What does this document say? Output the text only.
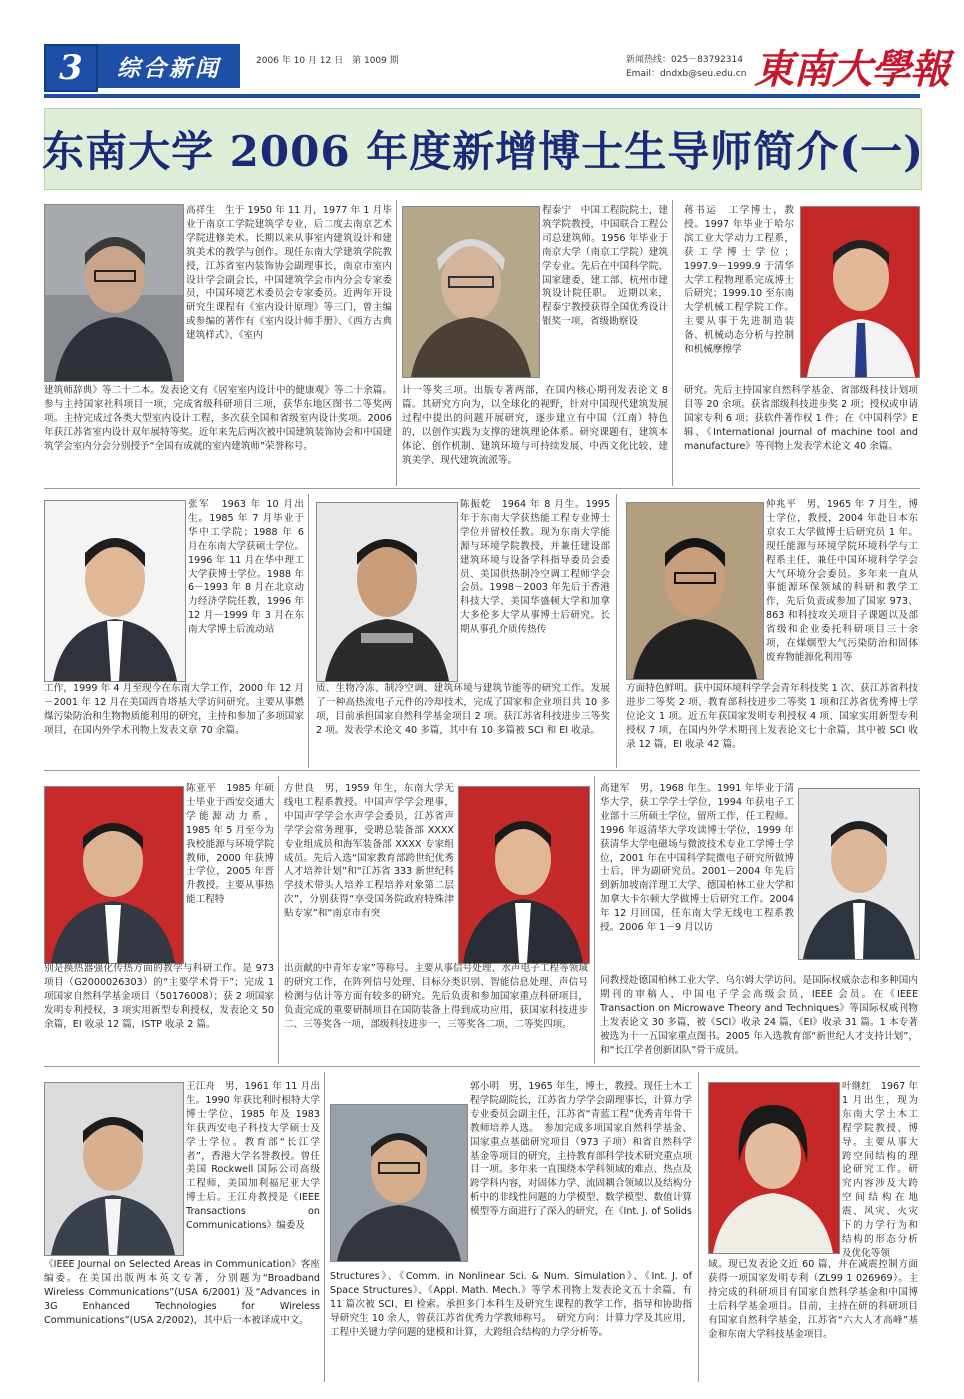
3	综合新闻	2006 年 10 月 12 日　第 1009 期	新闻热线：025－83792314
Email：dndxb@seu.edu.cn 東南大學報
东南大学 2006 年度新增博士生导师简介(一)
高祥生　生于 1950 年 11 月，1977 年 1 月毕业于南京工学院建筑学专业，后二度去南京艺术学院进修美术。长期以来从事室内建筑设计和建筑美术的教学与创作。现任东南大学建筑学院教授，江苏省室内装饰协会副理事长，南京市室内设计学会副会长，中国建筑学会市内分会专家委员，中国环境艺术委员会专家委员。近两年开设研究生课程有《室内设计原理》等三门，曾主编或参编的著作有《室内设计师手册》、《西方古典建筑样式》、《室内
建筑师辞典》等二十二本。发表论文有《居室室内设计中的健康观》等二十余篇。参与主持国家社科项目一项，完成省级科研项目三项，获华东地区图书二等奖两项。主持完成过各类大型室内设计工程，多次获全国和省级室内设计奖项。2006 年获江苏省室内设计双年展特等奖。近年来先后两次被中国建筑装饰协会和中国建筑学会室内分会分别授予“全国有成就的室内建筑师”荣誉称号。
程泰宁　中国工程院院士，建筑学院教授，中国联合工程公司总建筑师。1956 年毕业于南京大学（南京工学院）建筑学专业。先后在中国科学院、国家建委、建工部、杭州市建筑设计院任职。　近期以来，程泰宁教授获得全国优秀设计银奖一项，省级勘察设
计一等奖三项。出版专著两部，在国内核心期刊发表论文 8 篇。其研究方向为，以全球化的视野，针对中国现代建筑发展过程中提出的问题开展研究，逐步建立有中国（江南）特色的，以创作实践为支撑的建筑理论体系。研究课题有，建筑本体论、创作机制、建筑环境与可持续发展、中西文化比较、建筑美学、现代建筑流派等。
蒋书运　工学博士，教授。1997 年毕业于哈尔滨工业大学动力工程系，获工学博士学位；1997.9－1999.9 于清华大学工程物理系完成博士后研究；1999.10 至东南大学机械工程学院工作。主要从事于先进制造装备、机械动态分析与控制和机械摩擦学
研究。先后主持国家自然科学基金、省部级科技计划项目等 20 余项。获省部级科技进步奖 2 项；授权或申请国家专利 6 项；获软件著作权 1 件；在《中国科学》E 辑、《International journal of machine tool and manufacture》等刊物上发表学术论文 40 余篇。
张军　1963 年 10 月出生。1985 年 7 月毕业于华中工学院；1988 年 6 月在东南大学获硕士学位。1996 年 11 月在华中理工大学获博士学位。1988 年 6－1993 年 8 月在北京动力经济学院任教，1996 年 12 月－1999 年 3 月在东南大学博士后流动站
工作，1999 年 4 月至现今在东南大学工作，2000 年 12 月－2001 年 12 月在美国西肯塔基大学访问研究。主要从事燃煤污染防治和生物物质能利用的研究，主持和参加了多项国家项目，在国内外学术刊物上发表文章 70 余篇。
陈振乾　1964 年 8 月生。1995 年于东南大学获热能工程专业博士学位并留校任教。现为东南大学能源与环境学院教授，并兼任建设部建筑环境与设备学科指导委员会委员、美国供热制冷空调工程师学会会员。1998－2003 年先后于香港科技大学、美国华盛顿大学和加拿大多伦多大学从事博士后研究。长期从事孔介质传热传
质、生物冷冻、制冷空调、建筑环境与建筑节能等的研究工作。发展了一种高热流电子元件的冷却技术，完成了国家和企业项目共 10 多项，目前承担国家自然科学基金项目 2 项。获江苏省科技进步三等奖 2 项。发表学术论文 40 多篇，其中有 10 多篇被 SCI 和 EI 收录。
仲兆平　男，1965 年 7 月生，博士学位，教授，2004 年赴日本东京农工大学做博士后研究员 1 年。现任能源与环境学院环境科学与工程系主任，兼任中国环境科学学会大气环境分会委员。多年来一直从事能源环保领域的科研和教学工作，先后负责或参加了国家 973、863 和科技攻关项目子课题以及部省级和企业委托科研项目三十余项，在煤烟型大气污染防治和固体废弃物能源化利用等
方面特色鲜明。获中国环境科学学会青年科技奖 1 次、获江苏省科技进步二等奖 2 项、教育部科技进步二等奖 1 项和江苏省优秀博士学位论文 1 项。近五年获国家发明专利授权 4 项、国家实用新型专利授权 7 项，在国内外学术期刊上发表论文七十余篇，其中被 SCI 收录 12 篇，EI 收录 42 篇。
陈亚平　1985 年硕士毕业于西安交通大学能源动力系，1985 年 5 月至今为我校能源与环境学院教师，2000 年获博士学位，2005 年晋升教授。主要从事热能工程特
别是换热器强化传热方面的教学与科研工作。是 973 项目（G2000026303）的“主要学术骨干”；完成 1 项国家自然科学基金项目（50176008）；获 2 项国家发明专利授权，3 项实用新型专利授权，发表论文 50 余篇，EI 收录 12 篇，ISTP 收录 2 篇。
方世良　男，1959 年生，东南大学无线电工程系教授。中国声学学会理事，中国声学学会水声学会委员，江苏省声学学会常务理事，受聘总装备部 XXXX 专业组成员和海军装备部 XXXX 专家组成员。先后入选“国家教育部跨世纪优秀人才培养计划”和“江苏省 333 新世纪科学技术带头人培养工程培养对象第二层次”，分别获得“享受国务院政府特殊津贴专家”和“南京市有突
出贡献的中青年专家”等称号。主要从事信号处理、水声电子工程等领域的研究工作，在阵列信号处理、目标分类识别、智能信息处理、声信号检测与估计等方面有较多的研究。先后负责和参加国家重点科研项目，负责完成的重要研制项目在国防装备上得到成功应用，获国家科技进步二、三等奖各一项，部级科技进步一、三等奖各二项，二等奖四项。
高建军　男，1968 年生。1991 年毕业于清华大学，获工学学士学位，1994 年获电子工业部十三所硕士学位，留所工作，任工程师。1996 年返清华大学攻读博士学位，1999 年获清华大学电磁场与微波技术专业工学博士学位，2001 年在中国科学院微电子研究所做博士后，评为副研究员。2001－2004 年先后到新加坡南洋理工大学、德国柏林工业大学和加拿大卡尔顿大学做博士后研究工作。2004 年 12 月回国，任东南大学无线电工程系教授。2006 年 1－9 月以访
问教授赴德国柏林工业大学、乌尔姆大学访问。是国际权威杂志和多种国内期刊的审稿人，中国电子学会高级会员，IEEE 会员。在《IEEE Transaction on Microwave Theory and Techniques》等国际权威刊物上发表论文 30 多篇，被《SCI》收录 24 篇，《EI》收录 31 篇。1 本专著被选为十一五国家重点图书。2005 年入选教育部“新世纪人才支持计划”，和“长江学者创新团队”骨干成员。
王江舟　男，1961 年 11 月出生。1990 年获比利时根特大学博士学位，1985 年及 1983 年获西安电子科技大学硕士及学士学位。教育部“长江学者”，香港大学名誉教授。曾任美国 Rockwell 国际公司高级工程师，美国加利福尼亚大学博士后。王江舟教授是《IEEE Transactions on Communications》编委及
《IEEE Journal on Selected Areas in Communication》客座编委。在美国出版两本英文专著，分别题为“Broadband Wireless Communications”(USA 6/2001) 及“Advances in 3G Enhanced Technologies for Wireless Communications”(USA 2/2002)，其中后一本被译成中文。
郭小明　男，1965 年生，博士，教授。现任土木工程学院副院长，江苏省力学学会副理事长，计算力学专业委员会副主任，江苏省“青蓝工程”优秀青年骨干教师培养人选。　参加完成多项国家自然科学基金、国家重点基础研究项目（973 子项）和省自然科学基金等项目的研究，主持教育部科学技术研究重点项目一项。多年来一直围绕本学科领域的难点、热点及跨学科内容，对固体力学、流固耦合领域以及结构分析中的非线性问题的力学模型、数学模型、数值计算模型等方面进行了深入的研究，在《Int. J. of Solids
Structures》、《Comm. in Nonlinear Sci. & Num. Simulation》、《Int. J. of Space Structures》、《Appl. Math. Mech.》等学术刊物上发表论文五十余篇，有 11 篇次被 SCI、EI 检索。承担多门本科生及研究生课程的教学工作，指导和协助指导研究生 10 余人，曾获江苏省优秀力学教师称号。　研究方向：计算力学及其应用，工程中关键力学问题的建模和计算，大跨组合结构的力学分析等。
叶继红　1967 年 1 月出生，现为东南大学土木工程学院教授、博导。主要从事大跨空间结构的理论研究工作。研究内容涉及大跨空间结构在地震、风灾、火灾下的力学行为和结构的形态分析及优化等领
域。现已发表论文近 60 篇，并在减震控制方面获得一项国家发明专利（ZL99 1 026969）。主持完成的科研项目有国家自然科学基金和中国博士后科学基金项目。目前，主持在研的科研项目有国家自然科学基金，江苏省“六大人才高峰”基金和东南大学科技基金项目。
